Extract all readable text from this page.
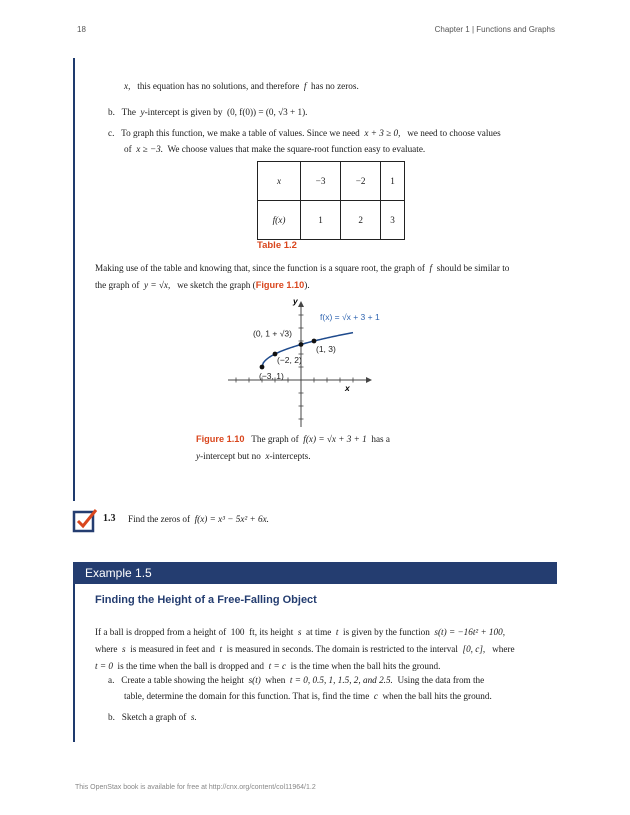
18	Chapter 1 | Functions and Graphs
x, this equation has no solutions, and therefore f has no zeros.
b. The y-intercept is given by (0, f(0)) = (0, √3 + 1).
c. To graph this function, we make a table of values. Since we need x + 3 ≥ 0, we need to choose values
of x ≥ −3. We choose values that make the square-root function easy to evaluate.
x	−3	−2	1
f(x)	1	2	3
Table 1.2
Making use of the table and knowing that, since the function is a square root, the graph of f should be similar to
the graph of y = √x, we sketch the graph (Figure 1.10).
(−3, 1)
(−2, 2)
(0, 1 + √3)
(1, 3)
x
y
f(x) = √x + 3 + 1
Figure 1.10 The graph of f(x) = √x + 3 + 1 has a
y-intercept but no x-intercepts.
1.3 Find the zeros of f(x) = x³ − 5x² + 6x.
Example 1.5
Finding the Height of a Free-Falling Object
If a ball is dropped from a height of 100 ft, its height s at time t is given by the function s(t) = −16t² + 100,
where s is measured in feet and t is measured in seconds. The domain is restricted to the interval [0, c], where
t = 0 is the time when the ball is dropped and t = c is the time when the ball hits the ground.
a. Create a table showing the height s(t) when t = 0, 0.5, 1, 1.5, 2, and 2.5. Using the data from the
table, determine the domain for this function. That is, find the time c when the ball hits the ground.
b. Sketch a graph of s.
This OpenStax book is available for free at http://cnx.org/content/col11964/1.2
